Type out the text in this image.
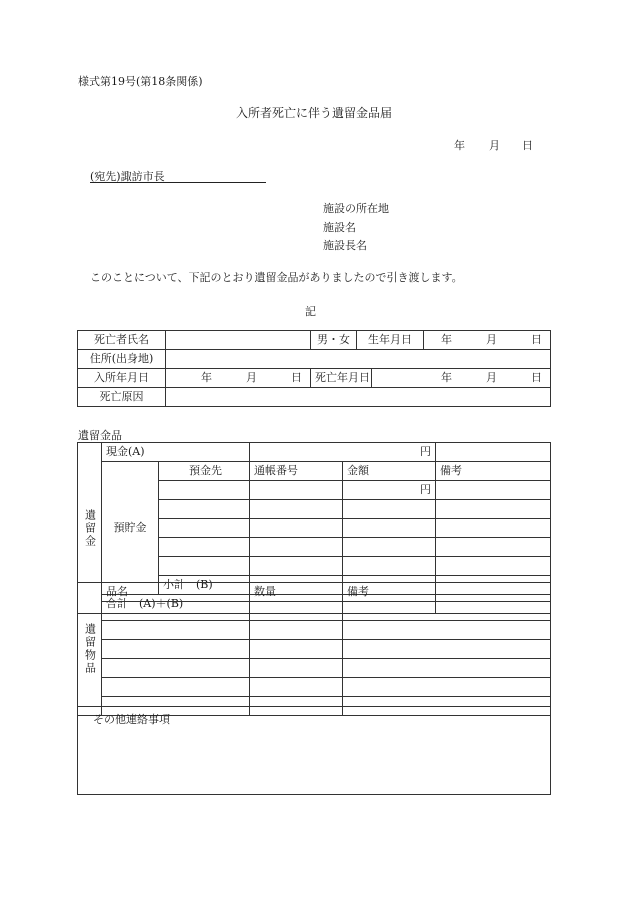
様式第19号(第18条関係)
入所者死亡に伴う遺留金品届
年 月 日
(宛先)諏訪市長
施設の所在地
施設名
施設長名
このことについて、下記のとおり遺留金品がありましたので引き渡します。
記
死亡者氏名		男・女	生年月日		年 月 日

住所(出身地)					
入所年月日	年 月 日	死亡年月日		年 月 日	

死亡原因					
遺留金品
遺留金	現金(A)		円		
	預貯金	預金先	通帳番号	金額	備考
				円	

		小計　(B)			
	合計　(A)＋(B)				
遺留物品	品名	数量	備考

その他連絡事項
